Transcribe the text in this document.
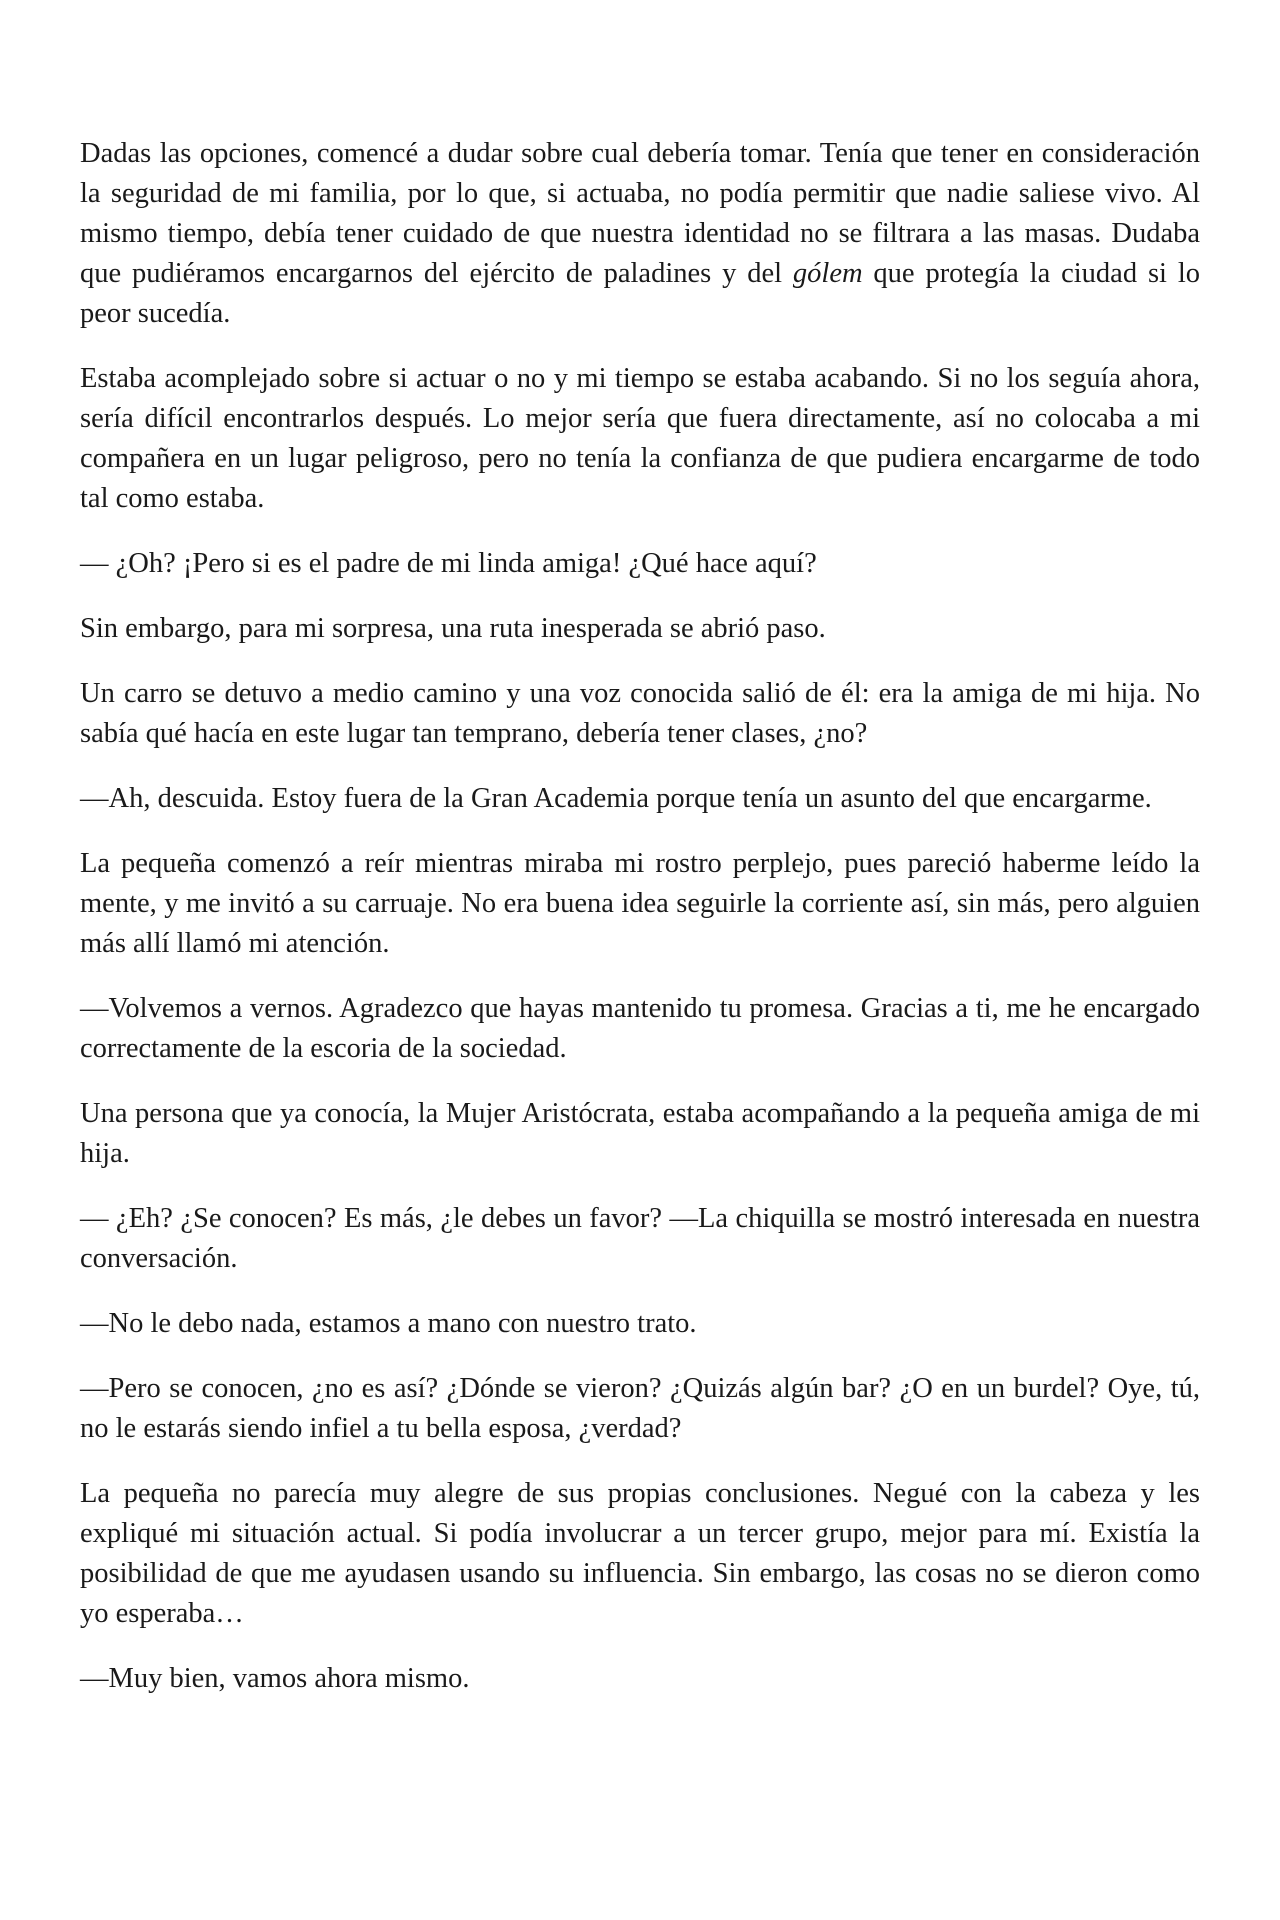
Dadas las opciones, comencé a dudar sobre cual debería tomar. Tenía que tener en consideración la seguridad de mi familia, por lo que, si actuaba, no podía permitir que nadie saliese vivo. Al mismo tiempo, debía tener cuidado de que nuestra identidad no se filtrara a las masas. Dudaba que pudiéramos encargarnos del ejército de paladines y del gólem que protegía la ciudad si lo peor sucedía.

Estaba acomplejado sobre si actuar o no y mi tiempo se estaba acabando. Si no los seguía ahora, sería difícil encontrarlos después. Lo mejor sería que fuera directamente, así no colocaba a mi compañera en un lugar peligroso, pero no tenía la confianza de que pudiera encargarme de todo tal como estaba.

— ¿Oh? ¡Pero si es el padre de mi linda amiga! ¿Qué hace aquí?

Sin embargo, para mi sorpresa, una ruta inesperada se abrió paso.

Un carro se detuvo a medio camino y una voz conocida salió de él: era la amiga de mi hija. No sabía qué hacía en este lugar tan temprano, debería tener clases, ¿no?

—Ah, descuida. Estoy fuera de la Gran Academia porque tenía un asunto del que encargarme.

La pequeña comenzó a reír mientras miraba mi rostro perplejo, pues pareció haberme leído la mente, y me invitó a su carruaje. No era buena idea seguirle la corriente así, sin más, pero alguien más allí llamó mi atención.

—Volvemos a vernos. Agradezco que hayas mantenido tu promesa. Gracias a ti, me he encargado correctamente de la escoria de la sociedad.

Una persona que ya conocía, la Mujer Aristócrata, estaba acompañando a la pequeña amiga de mi hija.

— ¿Eh? ¿Se conocen? Es más, ¿le debes un favor? —La chiquilla se mostró interesada en nuestra conversación.

—No le debo nada, estamos a mano con nuestro trato.

—Pero se conocen, ¿no es así? ¿Dónde se vieron? ¿Quizás algún bar? ¿O en un burdel? Oye, tú, no le estarás siendo infiel a tu bella esposa, ¿verdad?

La pequeña no parecía muy alegre de sus propias conclusiones. Negué con la cabeza y les expliqué mi situación actual. Si podía involucrar a un tercer grupo, mejor para mí. Existía la posibilidad de que me ayudasen usando su influencia. Sin embargo, las cosas no se dieron como yo esperaba…

—Muy bien, vamos ahora mismo.
